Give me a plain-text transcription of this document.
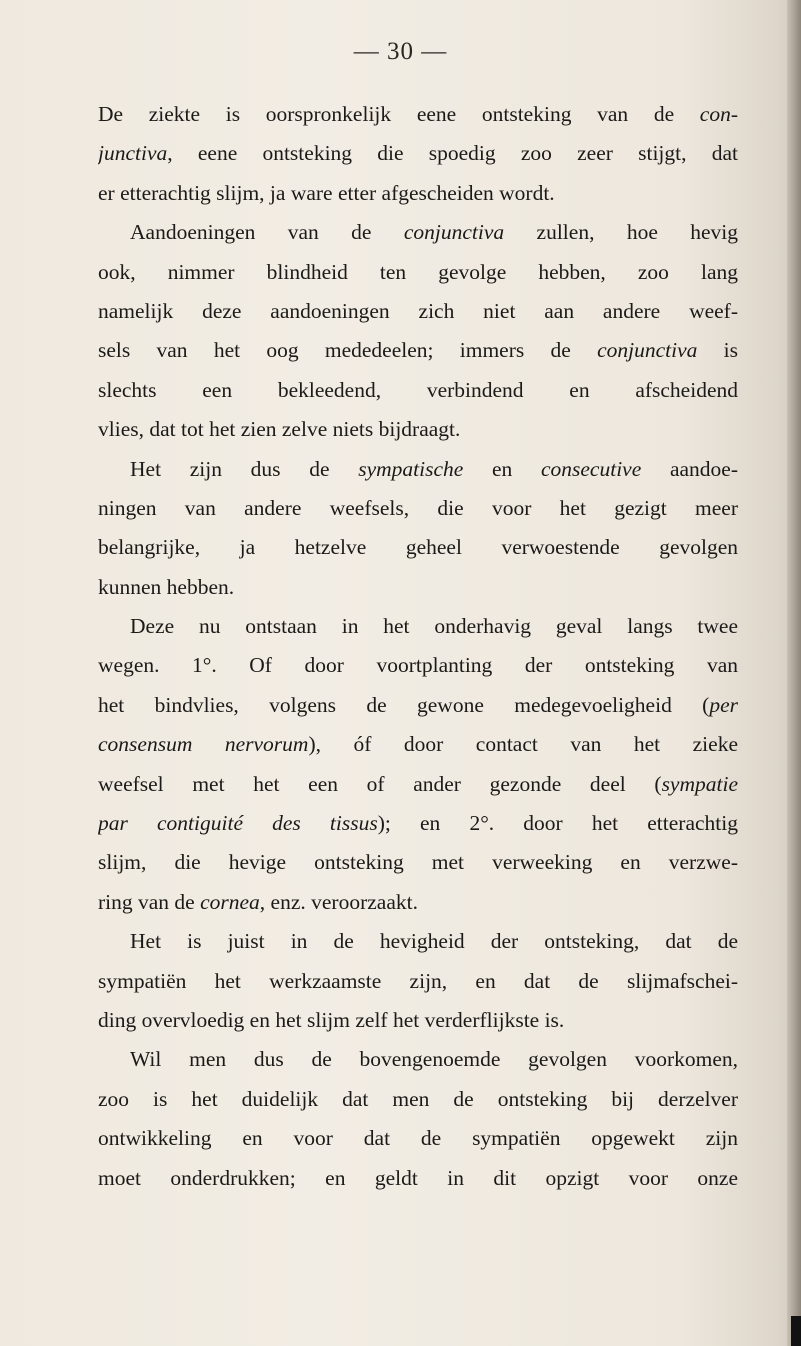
— 30 —
De ziekte is oorspronkelijk eene ontsteking van de con-
junctiva, eene ontsteking die spoedig zoo zeer stijgt, dat
er etterachtig slijm, ja ware etter afgescheiden wordt.
Aandoeningen van de conjunctiva zullen, hoe hevig
ook, nimmer blindheid ten gevolge hebben, zoo lang
namelijk deze aandoeningen zich niet aan andere weef-
sels van het oog mededeelen; immers de conjunctiva is
slechts een bekleedend, verbindend en afscheidend
vlies, dat tot het zien zelve niets bijdraagt.
Het zijn dus de sympatische en consecutive aandoe-
ningen van andere weefsels, die voor het gezigt meer
belangrijke, ja hetzelve geheel verwoestende gevolgen
kunnen hebben.
Deze nu ontstaan in het onderhavig geval langs twee
wegen. 1°. Of door voortplanting der ontsteking van
het bindvlies, volgens de gewone medegevoeligheid (per
consensum nervorum), óf door contact van het zieke
weefsel met het een of ander gezonde deel (sympatie
par contiguité des tissus); en 2°. door het etterachtig
slijm, die hevige ontsteking met verweeking en verzwe-
ring van de cornea, enz. veroorzaakt.
Het is juist in de hevigheid der ontsteking, dat de
sympatiën het werkzaamste zijn, en dat de slijmafschei-
ding overvloedig en het slijm zelf het verderflijkste is.
Wil men dus de bovengenoemde gevolgen voorkomen,
zoo is het duidelijk dat men de ontsteking bij derzelver
ontwikkeling en voor dat de sympatiën opgewekt zijn
moet onderdrukken; en geldt in dit opzigt voor onze
